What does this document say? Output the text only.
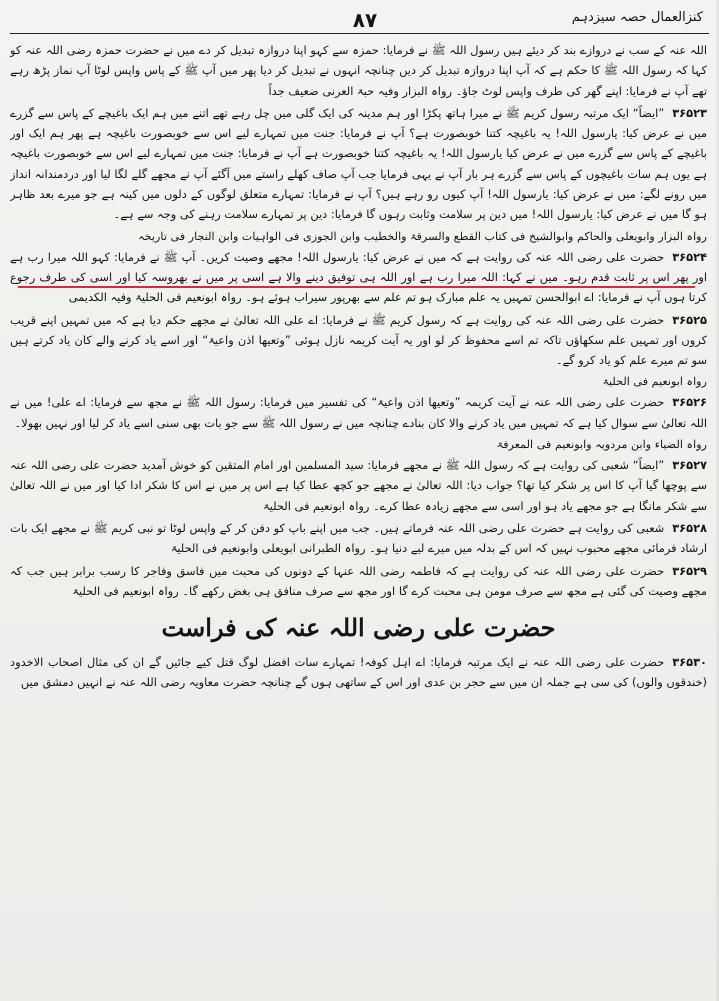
۸۷	کنزالعمال حصہ سیزدہم

اللہ عنہ کے سب نے دروازے بند کر دیئے ہیں رسول اللہ ﷺ نے فرمایا: حمزہ سے کہو اپنا دروازہ تبدیل کر دے میں نے حضرت حمزہ رضی اللہ عنہ کو کہا کہ رسول اللہ ﷺ کا حکم ہے کہ آپ اپنا دروازہ تبدیل کر دیں چنانچہ انہوں نے تبدیل کر دیا پھر میں آپ ﷺ کے پاس واپس لوٹا آپ نماز پڑھ رہے تھے آپ نے فرمایا: اپنے گھر کی طرف واپس لوٹ جاؤ۔ رواہ البزار وفیہ حبۃ العرنی ضعیف جداً

۳۶۵۲۳”ایضاً“ ایک مرتبہ رسول کریم ﷺ نے میرا ہاتھ پکڑا اور ہم مدینہ کی ایک گلی میں چل رہے تھے اتنے میں ہم ایک باغیچے کے پاس سے گزرے میں نے عرض کیا: یارسول اللہ! یہ باغیچہ کتنا خوبصورت ہے؟ آپ نے فرمایا: جنت میں تمہارے لیے اس سے خوبصورت باغیچہ ہے پھر ہم ایک اور باغیچے کے پاس سے گزرے میں نے عرض کیا یارسول اللہ! یہ باغیچہ کتنا خوبصورت ہے آپ نے فرمایا: جنت میں تمہارے لیے اس سے خوبصورت باغیچہ ہے یوں ہم سات باغیچوں کے پاس سے گزرے ہر بار آپ نے یہی فرمایا جب آپ صاف کھلے راستے میں آگئے آپ نے مجھے گلے لگا لیا اور دردمندانہ انداز میں رونے لگے: میں نے عرض کیا: یارسول اللہ! آپ کیوں رو رہے ہیں؟ آپ نے فرمایا: تمہارے متعلق لوگوں کے دلوں میں کینہ ہے جو میرے بعد ظاہر ہو گا میں نے عرض کیا: یارسول اللہ! میں دین پر سلامت وثابت رہوں گا فرمایا: دین پر تمہارے سلامت رہنے کی وجہ سے ہے۔

رواہ البزار وابویعلی والحاکم وابوالشیخ فی کتاب القطع والسرقۃ والخطیب وابن الجوزی فی الواہیات وابن النجار فی تاریخہ

۳۶۵۲۴حضرت علی رضی اللہ عنہ کی روایت ہے کہ میں نے عرض کیا: یارسول اللہ! مجھے وصیت کریں۔ آپ ﷺ نے فرمایا: کہو اللہ میرا رب ہے اور پھر اس پر ثابت قدم رہو۔ میں نے کہا: اللہ میرا رب ہے اور اللہ ہی توفیق دینے والا ہے اسی پر میں نے بھروسہ کیا اور اسی کی طرف رجوع کرتا ہوں آپ نے فرمایا: اے ابوالحسن تمہیں یہ علم مبارک ہو تم علم سے بھرپور سیراب ہوئے ہو۔ رواہ ابونعیم فی الحلیۃ وفیہ الکدیمی

۳۶۵۲۵حضرت علی رضی اللہ عنہ کی روایت ہے کہ رسول کریم ﷺ نے فرمایا: اے علی اللہ تعالیٰ نے مجھے حکم دیا ہے کہ میں تمہیں اپنے قریب کروں اور تمہیں علم سکھاؤں تاکہ تم اسے محفوظ کر لو اور یہ آیت کریمہ نازل ہوئی ”وتعیھا اذن واعیۃ“ اور اسے یاد کرنے والے کان یاد کرتے ہیں سو تم میرے علم کو یاد کرو گے۔

رواہ ابونعیم فی الحلیۃ

۳۶۵۲۶حضرت علی رضی اللہ عنہ نے آیت کریمہ ”وتعیھا اذن واعیۃ“ کی تفسیر میں فرمایا: رسول اللہ ﷺ نے مجھ سے فرمایا: اے علی! میں نے اللہ تعالیٰ سے سوال کیا ہے کہ تمہیں میں یاد کرنے والا کان بنادے چنانچہ میں نے رسول اللہ ﷺ سے جو بات بھی سنی اسے یاد کر لیا اور نہیں بھولا۔

رواہ الضیاء وابن مردویہ وابونعیم فی المعرفۃ

۳۶۵۲۷”ایضاً“ شعبی کی روایت ہے کہ رسول اللہ ﷺ نے مجھے فرمایا: سید المسلمین اور امام المتقین کو خوش آمدید حضرت علی رضی اللہ عنہ سے پوچھا گیا آپ کا اس پر شکر کیا تھا؟ جواب دیا: اللہ تعالیٰ نے مجھے جو کچھ عطا کیا ہے اس پر میں نے اس کا شکر ادا کیا اور میں نے اللہ تعالیٰ سے شکر مانگا ہے جو مجھے یاد ہو اور اسی سے مجھے زیادہ عطا کرے۔ رواہ ابونعیم فی الحلیۃ

۳۶۵۲۸شعبی کی روایت ہے حضرت علی رضی اللہ عنہ فرماتے ہیں۔ جب میں اپنے باپ کو دفن کر کے واپس لوٹا تو نبی کریم ﷺ نے مجھے ایک بات ارشاد فرمائی مجھے محبوب نہیں کہ اس کے بدلہ میں میرے لیے دنیا ہو۔ رواہ الطبرانی ابویعلی وابونعیم فی الحلیۃ

۳۶۵۲۹حضرت علی رضی اللہ عنہ کی روایت ہے کہ فاطمہ رضی اللہ عنہا کے دونوں کی محبت میں فاسق وفاجر کا رسب برابر ہیں جب کہ مجھے وصیت کی گئی ہے مجھ سے صرف مومن ہی محبت کرے گا اور مجھ سے صرف منافق ہی بغض رکھے گا۔ رواہ ابونعیم فی الحلیۃ

حضرت علی رضی اللہ عنہ کی فراست

۳۶۵۳۰حضرت علی رضی اللہ عنہ نے ایک مرتبہ فرمایا: اے اہل کوفہ! تمہارے سات افضل لوگ قتل کیے جائیں گے ان کی مثال اصحاب الاخدود (خندقوں والوں) کی سی ہے جملہ ان میں سے حجر بن عدی اور اس کے ساتھی ہوں گے چنانچہ حضرت معاویہ رضی اللہ عنہ نے انہیں دمشق میں
